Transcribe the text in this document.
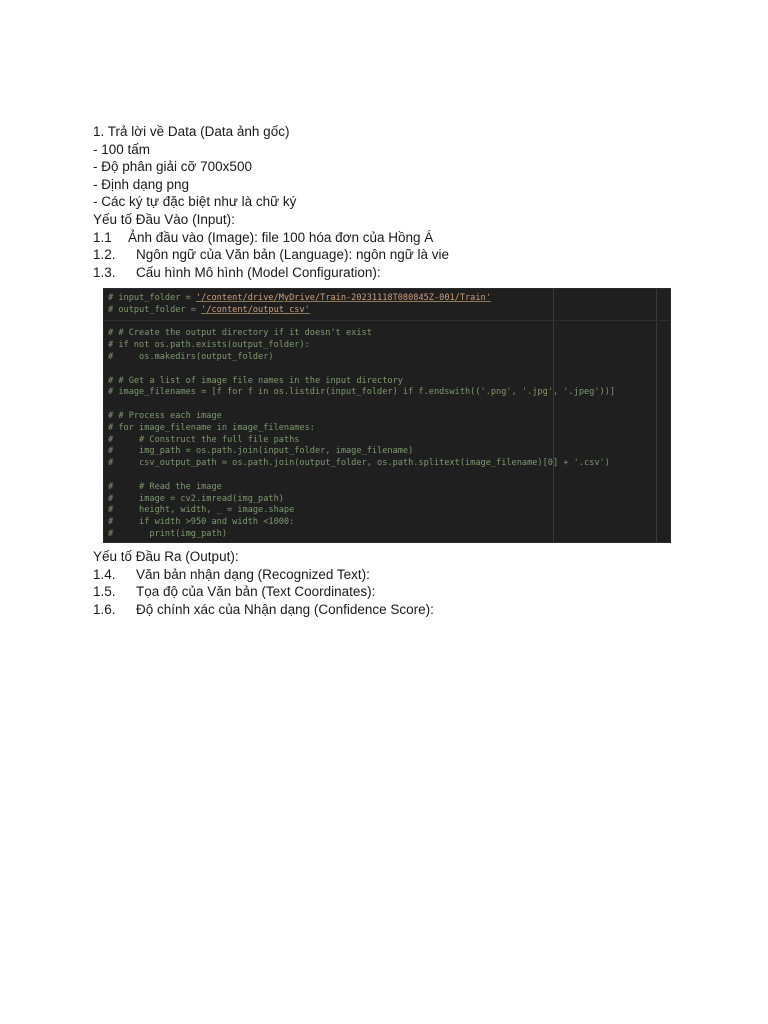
1. Trả lời về Data (Data ảnh gốc)
- 100 tấm
- Độ phân giải cỡ 700x500
- Định dạng png
- Các ký tự đặc biệt như là chữ ký
Yếu tố Đầu Vào (Input):
1.1	Ảnh đầu vào (Image): file 100 hóa đơn của Hồng Á
1.2.	Ngôn ngữ của Văn bản (Language): ngôn ngữ là vie
1.3.	Cấu hình Mô hình (Model Configuration):
# input_folder = '/content/drive/MyDrive/Train-20231118T080845Z-001/Train'
# output_folder = '/content/output_csv'
# # Create the output directory if it doesn't exist
# if not os.path.exists(output_folder):
#     os.makedirs(output_folder)
# # Get a list of image file names in the input directory
# image_filenames = [f for f in os.listdir(input_folder) if f.endswith(('.png', '.jpg', '.jpeg'))]
# # Process each image
# for image_filename in image_filenames:
#     # Construct the full file paths
#     img_path = os.path.join(input_folder, image_filename)
#     csv_output_path = os.path.join(output_folder, os.path.splitext(image_filename)[0] + '.csv')
#     # Read the image
#     image = cv2.imread(img_path)
#     height, width, _ = image.shape
#     if width >950 and width <1000:
#       print(img_path)
Yếu tố Đầu Ra (Output):
1.4.	Văn bản nhận dạng (Recognized Text):
1.5.	Tọa độ của Văn bản (Text Coordinates):
1.6.	Độ chính xác của Nhận dạng (Confidence Score):
